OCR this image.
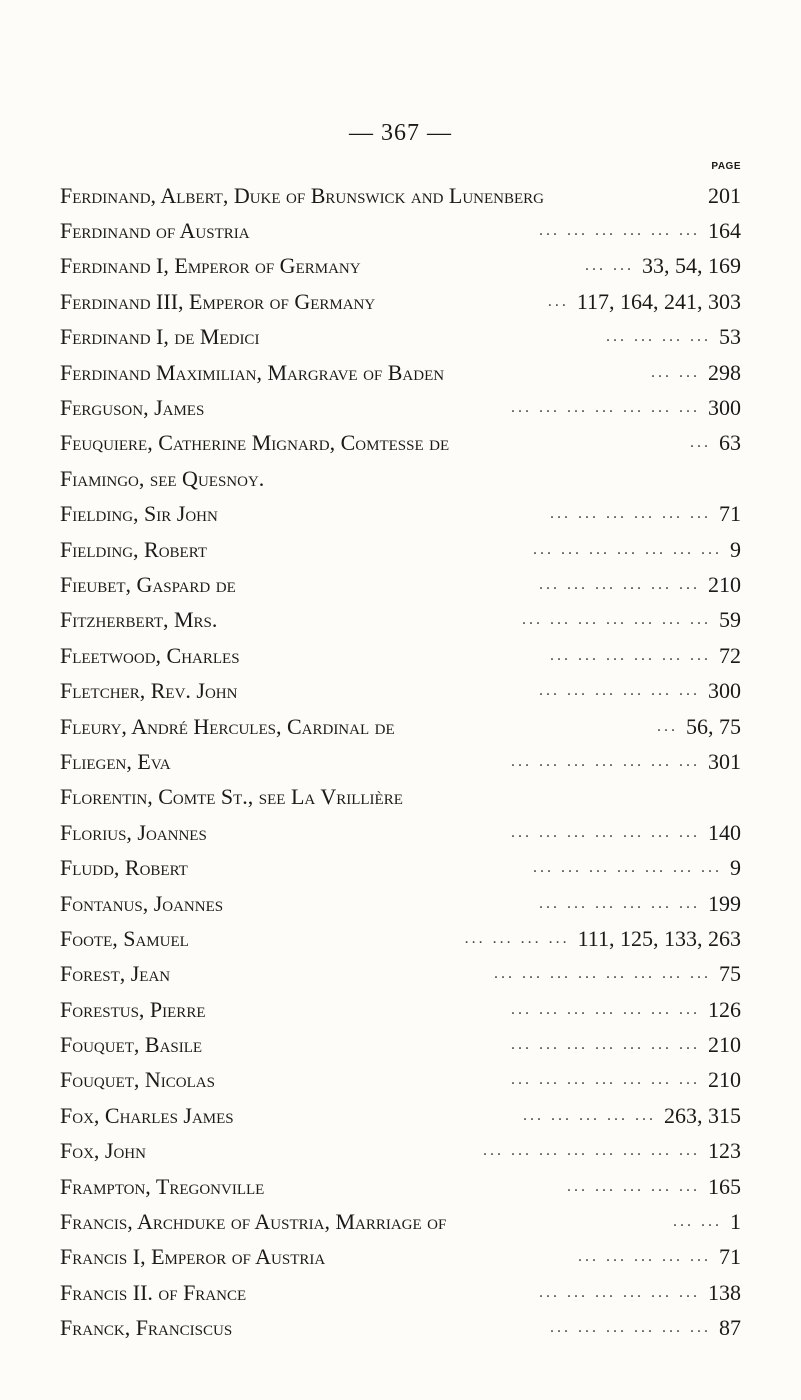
— 367 —
PAGE
Ferdinand, Albert, Duke of Brunswick and Lunenberg	201
Ferdinand of Austria	... ... ... ... ... ... 164
Ferdinand I, Emperor of Germany	... ... 33, 54, 169
Ferdinand III, Emperor of Germany	... 117, 164, 241, 303
Ferdinand I, de Medici	... ... ... ... 53
Ferdinand Maximilian, Margrave of Baden	... ... 298
Ferguson, James	... ... ... ... ... ... ... 300
Feuquiere, Catherine Mignard, Comtesse de	... 63
Fiamingo, see Quesnoy.
Fielding, Sir John	... ... ... ... ... ... 71
Fielding, Robert	... ... ... ... ... ... ... 9
Fieubet, Gaspard de	... ... ... ... ... ... 210
Fitzherbert, Mrs.	... ... ... ... ... ... ... 59
Fleetwood, Charles	... ... ... ... ... ... 72
Fletcher, Rev. John	... ... ... ... ... ... 300
Fleury, André Hercules, Cardinal de	... 56, 75
Fliegen, Eva	... ... ... ... ... ... ... 301
Florentin, Comte St., see La Vrillière
Florius, Joannes	... ... ... ... ... ... ... 140
Fludd, Robert	... ... ... ... ... ... ... 9
Fontanus, Joannes	... ... ... ... ... ... 199
Foote, Samuel	... ... ... ... 111, 125, 133, 263
Forest, Jean	... ... ... ... ... ... ... ... 75
Forestus, Pierre	... ... ... ... ... ... ... 126
Fouquet, Basile	... ... ... ... ... ... ... 210
Fouquet, Nicolas	... ... ... ... ... ... ... 210
Fox, Charles James	... ... ... ... ... 263, 315
Fox, John	... ... ... ... ... ... ... ... 123
Frampton, Tregonville	... ... ... ... ... 165
Francis, Archduke of Austria, Marriage of	... ... 1
Francis I, Emperor of Austria	... ... ... ... ... 71
Francis II. of France	... ... ... ... ... ... 138
Franck, Franciscus	... ... ... ... ... ... 87
